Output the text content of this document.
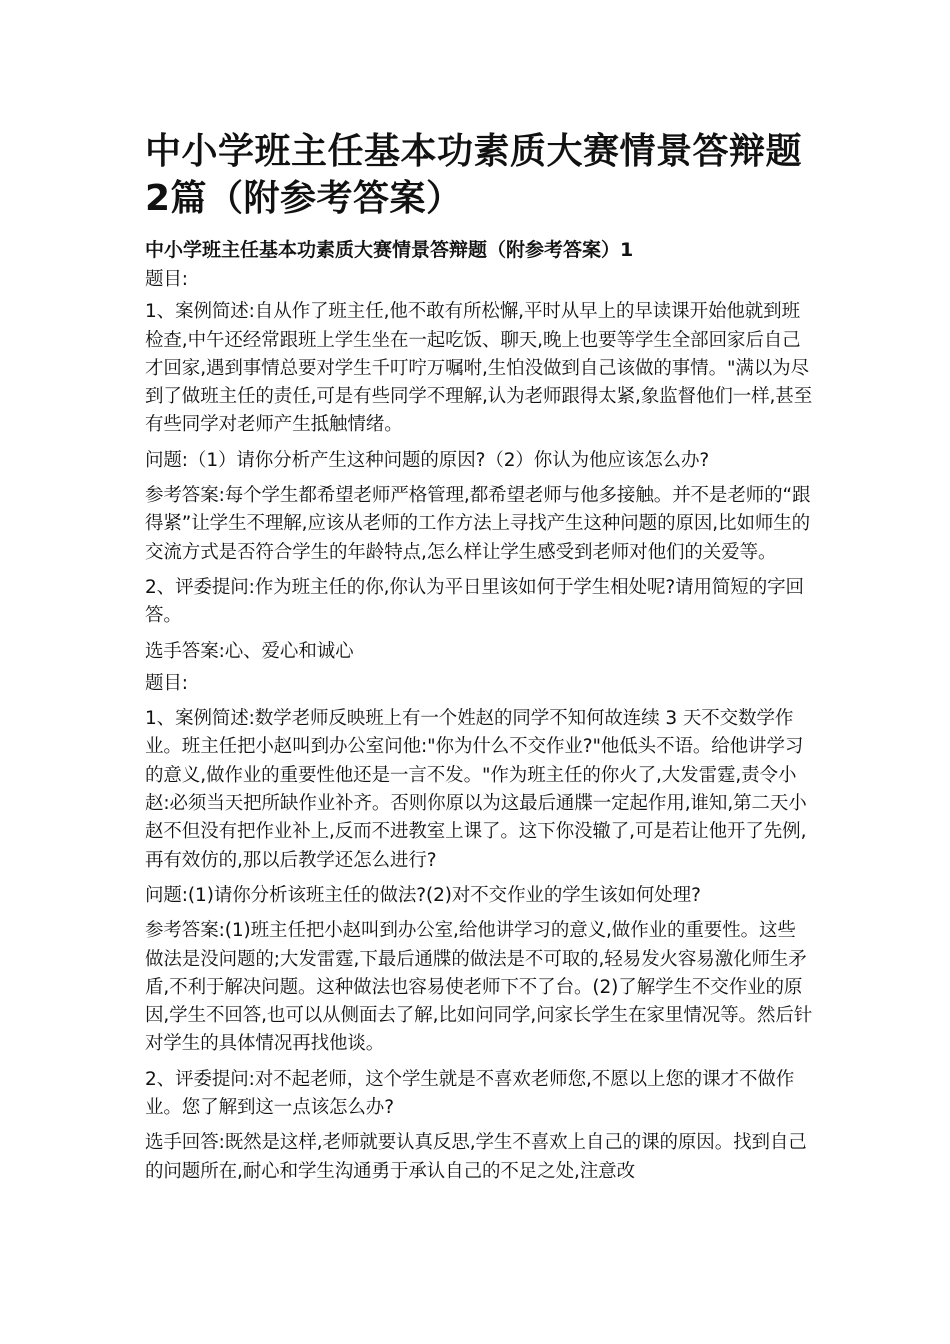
中小学班主任基本功素质大赛情景答辩题2篇（附参考答案）
中小学班主任基本功素质大赛情景答辩题（附参考答案）1

题目:

1、案例简述:自从作了班主任,他不敢有所松懈,平时从早上的早读课开始他就到班检查,中午还经常跟班上学生坐在一起吃饭、聊天,晚上也要等学生全部回家后自己才回家,遇到事情总要对学生千叮咛万嘱咐,生怕没做到自己该做的事情。"满以为尽到了做班主任的责任,可是有些同学不理解,认为老师跟得太紧,象监督他们一样,甚至有些同学对老师产生抵触情绪。

问题:（1）请你分析产生这种问题的原因?（2）你认为他应该怎么办?

参考答案:每个学生都希望老师严格管理,都希望老师与他多接触。并不是老师的“跟得紧”让学生不理解,应该从老师的工作方法上寻找产生这种问题的原因,比如师生的交流方式是否符合学生的年龄特点,怎么样让学生感受到老师对他们的关爱等。

2、评委提问:作为班主任的你,你认为平日里该如何于学生相处呢?请用简短的字回答。

选手答案:心、爱心和诚心

题目:

1、案例简述:数学老师反映班上有一个姓赵的同学不知何故连续 3 天不交数学作业。班主任把小赵叫到办公室问他:"你为什么不交作业?"他低头不语。给他讲学习的意义,做作业的重要性他还是一言不发。"作为班主任的你火了,大发雷霆,责令小赵:必须当天把所缺作业补齐。否则你原以为这最后通牒一定起作用,谁知,第二天小赵不但没有把作业补上,反而不进教室上课了。这下你没辙了,可是若让他开了先例,再有效仿的,那以后教学还怎么进行?

问题:(1)请你分析该班主任的做法?(2)对不交作业的学生该如何处理?

参考答案:(1)班主任把小赵叫到办公室,给他讲学习的意义,做作业的重要性。这些做法是没问题的;大发雷霆,下最后通牒的做法是不可取的,轻易发火容易激化师生矛盾,不利于解决问题。这种做法也容易使老师下不了台。(2)了解学生不交作业的原因,学生不回答,也可以从侧面去了解,比如问同学,问家长学生在家里情况等。然后针对学生的具体情况再找他谈。

2、评委提问:对不起老师，这个学生就是不喜欢老师您,不愿以上您的课才不做作业。您了解到这一点该怎么办?

选手回答:既然是这样,老师就要认真反思,学生不喜欢上自己的课的原因。找到自己的问题所在,耐心和学生沟通勇于承认自己的不足之处,注意改
